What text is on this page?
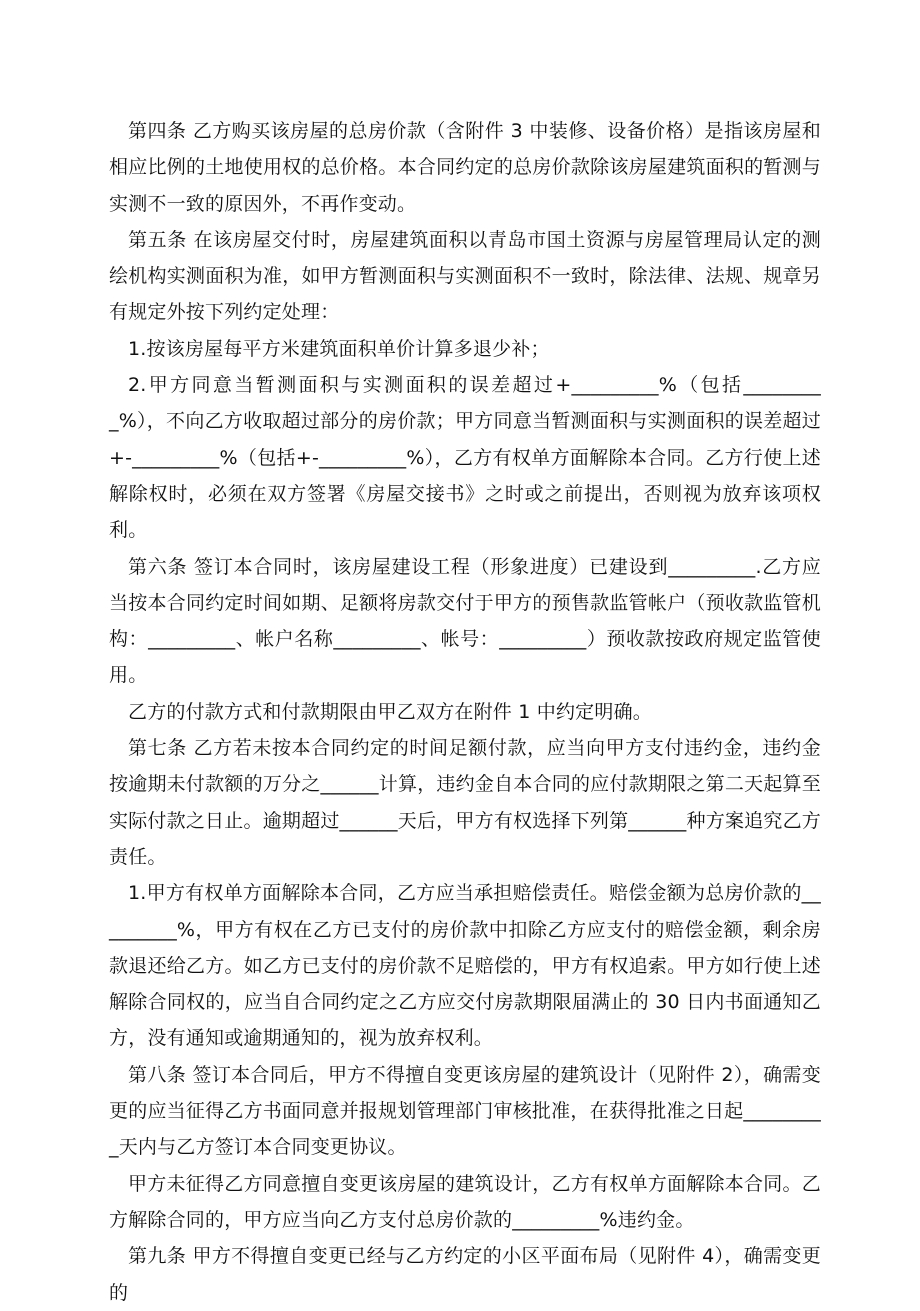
第四条 乙方购买该房屋的总房价款（含附件 3 中装修、设备价格）是指该房屋和相应比例的土地使用权的总价格。本合同约定的总房价款除该房屋建筑面积的暂测与实测不一致的原因外，不再作变动。

第五条 在该房屋交付时，房屋建筑面积以青岛市国土资源与房屋管理局认定的测绘机构实测面积为准，如甲方暂测面积与实测面积不一致时，除法律、法规、规章另有规定外按下列约定处理：

1.按该房屋每平方米建筑面积单价计算多退少补；

2.甲方同意当暂测面积与实测面积的误差超过+_________%（包括_________%），不向乙方收取超过部分的房价款；甲方同意当暂测面积与实测面积的误差超过+-_________%（包括+-_________%），乙方有权单方面解除本合同。乙方行使上述解除权时，必须在双方签署《房屋交接书》之时或之前提出，否则视为放弃该项权利。

第六条 签订本合同时，该房屋建设工程（形象进度）已建设到_________.乙方应当按本合同约定时间如期、足额将房款交付于甲方的预售款监管帐户（预收款监管机构：_________、帐户名称_________、帐号：_________）预收款按政府规定监管使用。

乙方的付款方式和付款期限由甲乙双方在附件 1 中约定明确。

第七条 乙方若未按本合同约定的时间足额付款，应当向甲方支付违约金，违约金按逾期未付款额的万分之______计算，违约金自本合同的应付款期限之第二天起算至实际付款之日止。逾期超过______天后，甲方有权选择下列第______种方案追究乙方责任。

1.甲方有权单方面解除本合同，乙方应当承担赔偿责任。赔偿金额为总房价款的_________%，甲方有权在乙方已支付的房价款中扣除乙方应支付的赔偿金额，剩余房款退还给乙方。如乙方已支付的房价款不足赔偿的，甲方有权追索。甲方如行使上述解除合同权的，应当自合同约定之乙方应交付房款期限届满止的 30 日内书面通知乙方，没有通知或逾期通知的，视为放弃权利。

第八条 签订本合同后，甲方不得擅自变更该房屋的建筑设计（见附件 2），确需变更的应当征得乙方书面同意并报规划管理部门审核批准，在获得批准之日起_________天内与乙方签订本合同变更协议。

甲方未征得乙方同意擅自变更该房屋的建筑设计，乙方有权单方面解除本合同。乙方解除合同的，甲方应当向乙方支付总房价款的_________%违约金。

第九条 甲方不得擅自变更已经与乙方约定的小区平面布局（见附件 4），确需变更的
